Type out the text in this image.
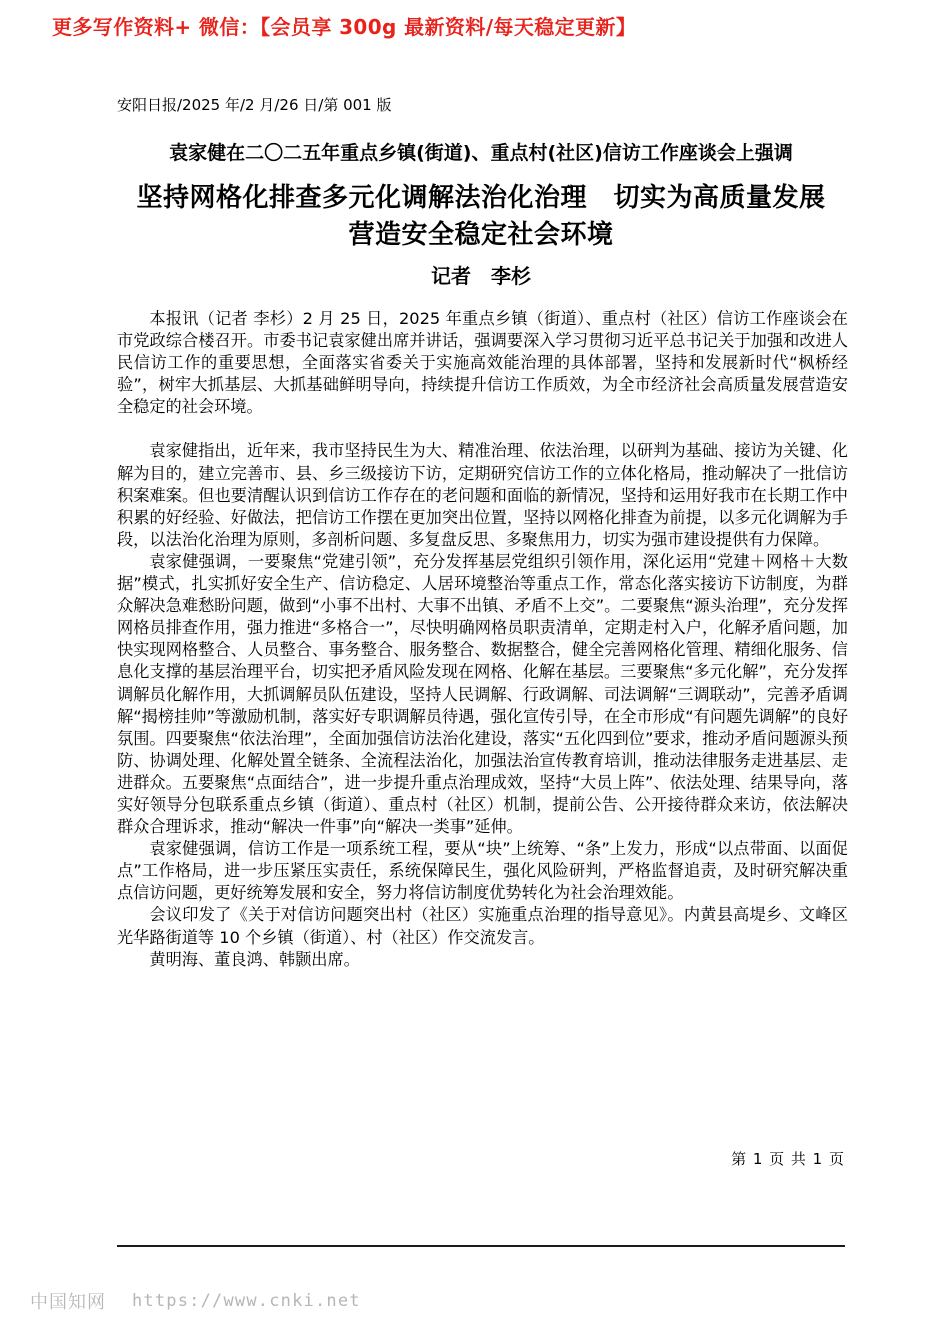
更多写作资料+ 微信：【会员享 300g 最新资料/每天稳定更新】
安阳日报/2025 年/2 月/26 日/第 001 版
袁家健在二〇二五年重点乡镇(街道)、重点村(社区)信访工作座谈会上强调
坚持网格化排查多元化调解法治化治理　切实为高质量发展
营造安全稳定社会环境
记者　李杉

本报讯（记者 李杉）2 月 25 日，2025 年重点乡镇（街道）、重点村（社区）信访工作座谈会在市党政综合楼召开。市委书记袁家健出席并讲话，强调要深入学习贯彻习近平总书记关于加强和改进人民信访工作的重要思想，全面落实省委关于实施高效能治理的具体部署，坚持和发展新时代“枫桥经验”，树牢大抓基层、大抓基础鲜明导向，持续提升信访工作质效，为全市经济社会高质量发展营造安全稳定的社会环境。

袁家健指出，近年来，我市坚持民生为大、精准治理、依法治理，以研判为基础、接访为关键、化解为目的，建立完善市、县、乡三级接访下访，定期研究信访工作的立体化格局，推动解决了一批信访积案难案。但也要清醒认识到信访工作存在的老问题和面临的新情况，坚持和运用好我市在长期工作中积累的好经验、好做法，把信访工作摆在更加突出位置，坚持以网格化排查为前提，以多元化调解为手段，以法治化治理为原则，多剖析问题、多复盘反思、多聚焦用力，切实为强市建设提供有力保障。

袁家健强调，一要聚焦“党建引领”，充分发挥基层党组织引领作用，深化运用“党建＋网格＋大数据”模式，扎实抓好安全生产、信访稳定、人居环境整治等重点工作，常态化落实接访下访制度，为群众解决急难愁盼问题，做到“小事不出村、大事不出镇、矛盾不上交”。二要聚焦“源头治理”，充分发挥网格员排查作用，强力推进“多格合一”，尽快明确网格员职责清单，定期走村入户，化解矛盾问题，加快实现网格整合、人员整合、事务整合、服务整合、数据整合，健全完善网格化管理、精细化服务、信息化支撑的基层治理平台，切实把矛盾风险发现在网格、化解在基层。三要聚焦“多元化解”，充分发挥调解员化解作用，大抓调解员队伍建设，坚持人民调解、行政调解、司法调解“三调联动”，完善矛盾调解“揭榜挂帅”等激励机制，落实好专职调解员待遇，强化宣传引导，在全市形成“有问题先调解”的良好氛围。四要聚焦“依法治理”，全面加强信访法治化建设，落实“五化四到位”要求，推动矛盾问题源头预防、协调处理、化解处置全链条、全流程法治化，加强法治宣传教育培训，推动法律服务走进基层、走进群众。五要聚焦“点面结合”，进一步提升重点治理成效，坚持“大员上阵”、依法处理、结果导向，落实好领导分包联系重点乡镇（街道）、重点村（社区）机制，提前公告、公开接待群众来访，依法解决群众合理诉求，推动“解决一件事”向“解决一类事”延伸。

袁家健强调，信访工作是一项系统工程，要从“块”上统筹、“条”上发力，形成“以点带面、以面促点”工作格局，进一步压紧压实责任，系统保障民生，强化风险研判，严格监督追责，及时研究解决重点信访问题，更好统筹发展和安全，努力将信访制度优势转化为社会治理效能。

会议印发了《关于对信访问题突出村（社区）实施重点治理的指导意见》。内黄县高堤乡、文峰区光华路街道等 10 个乡镇（街道）、村（社区）作交流发言。

黄明海、董良鸿、韩颢出席。

第 1 页 共 1 页
中国知网 https://www.cnki.net
